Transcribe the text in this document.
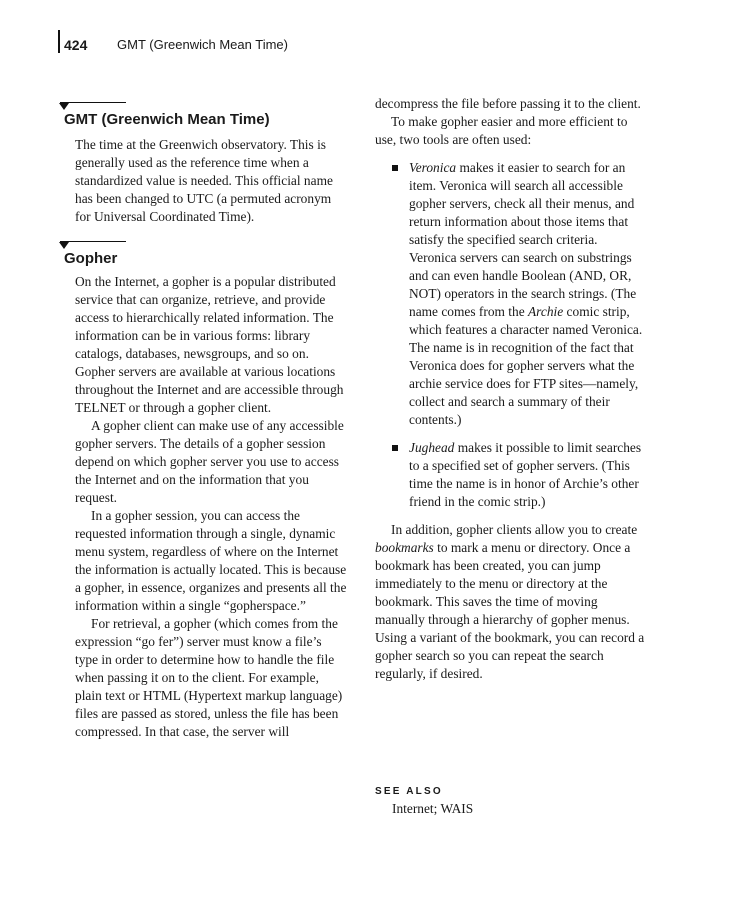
424 GMT (Greenwich Mean Time)
GMT (Greenwich Mean Time)

The time at the Greenwich observatory. This is generally used as the reference time when a standardized value is needed. This official name has been changed to UTC (a permuted acronym for Universal Coordinated Time).

Gopher

On the Internet, a gopher is a popular distributed service that can organize, retrieve, and provide access to hierarchically related information. The information can be in various forms: library catalogs, databases, newsgroups, and so on. Gopher servers are available at various locations throughout the Internet and are accessible through TELNET or through a gopher client.

A gopher client can make use of any accessible gopher servers. The details of a gopher session depend on which gopher server you use to access the Internet and on the information that you request.

In a gopher session, you can access the requested information through a single, dynamic menu system, regardless of where on the Internet the information is actually located. This is because a gopher, in essence, organizes and presents all the information within a single “gopherspace.”

For retrieval, a gopher (which comes from the expression “go fer”) server must know a file’s type in order to determine how to handle the file when passing it on to the client. For example, plain text or HTML (Hypertext markup language) files are passed as stored, unless the file has been compressed. In that case, the server will

decompress the file before passing it to the client.

To make gopher easier and more efficient to use, two tools are often used:

Veronica makes it easier to search for an item. Veronica will search all accessible gopher servers, check all their menus, and return information about those items that satisfy the specified search criteria. Veronica servers can search on substrings and can even handle Boolean (AND, OR, NOT) operators in the search strings. (The name comes from the Archie comic strip, which features a character named Veronica. The name is in recognition of the fact that Veronica does for gopher servers what the archie service does for FTP sites—namely, collect and search a summary of their contents.)
Jughead makes it possible to limit searches to a specified set of gopher servers. (This time the name is in honor of Archie’s other friend in the comic strip.)

In addition, gopher clients allow you to create bookmarks to mark a menu or directory. Once a bookmark has been created, you can jump immediately to the menu or directory at the bookmark. This saves the time of moving manually through a hierarchy of gopher menus. Using a variant of the bookmark, you can record a gopher search so you can repeat the search regularly, if desired.

SEE ALSO
Internet; WAIS
